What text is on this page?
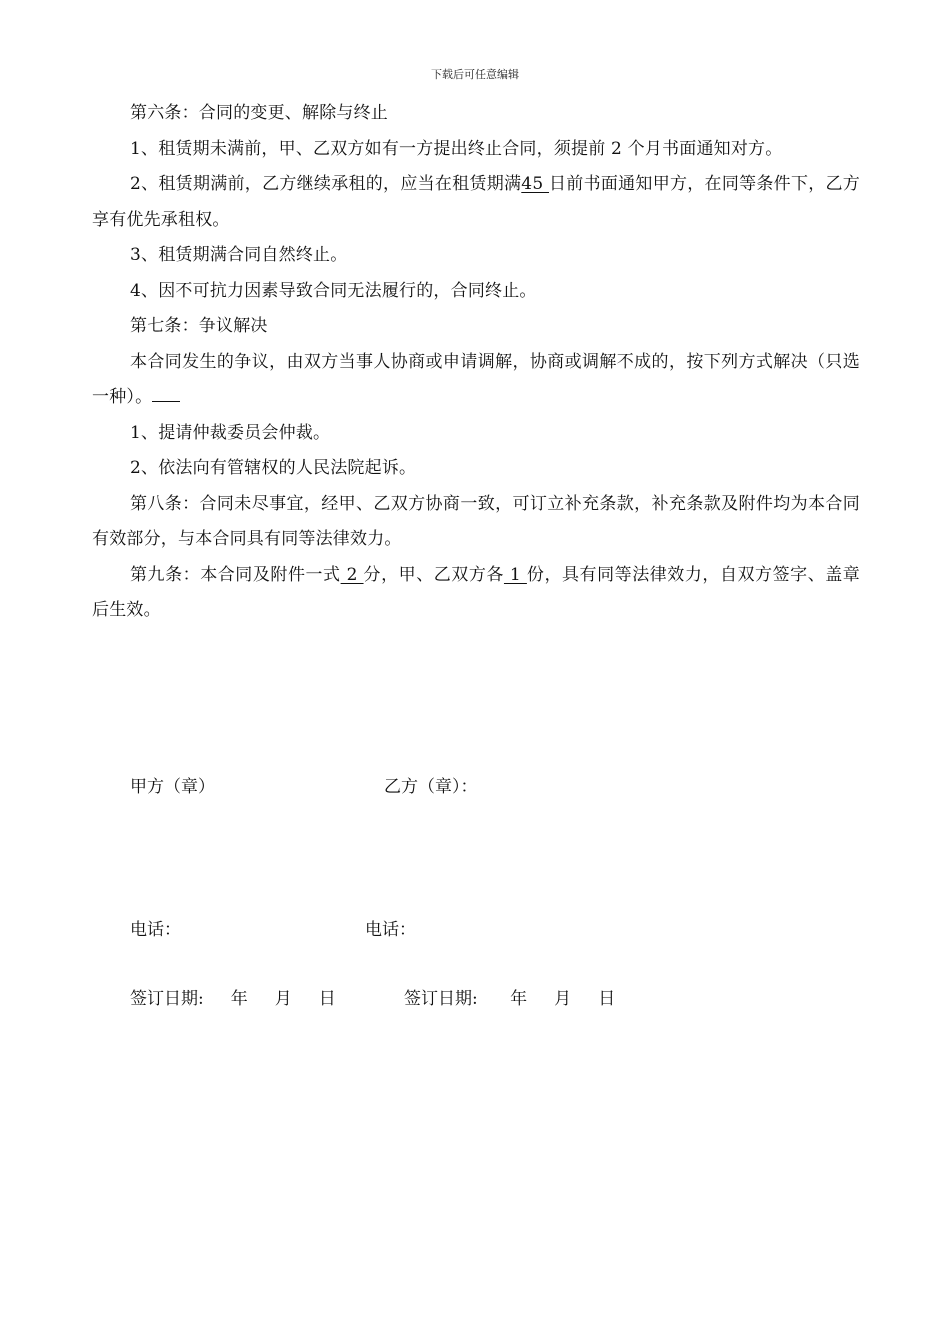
下载后可任意编辑

第六条：合同的变更、解除与终止

1、租赁期未满前，甲、乙双方如有一方提出终止合同，须提前 2 个月书面通知对方。

2、租赁期满前，乙方继续承租的，应当在租赁期满45 日前书面通知甲方，在同等条件下，乙方享有优先承租权。

3、租赁期满合同自然终止。

4、因不可抗力因素导致合同无法履行的，合同终止。

第七条：争议解决

本合同发生的争议，由双方当事人协商或申请调解，协商或调解不成的，按下列方式解决（只选一种）。

1、提请仲裁委员会仲裁。

2、依法向有管辖权的人民法院起诉。

第八条：合同未尽事宜，经甲、乙双方协商一致，可订立补充条款，补充条款及附件均为本合同有效部分，与本合同具有同等法律效力。

第九条：本合同及附件一式 2 分，甲、乙双方各 1 份，具有同等法律效力，自双方签字、盖章后生效。

甲方（章）	乙方（章）：
电话：	电话：
签订日期:     年     月     日	签订日期:      年     月     日
